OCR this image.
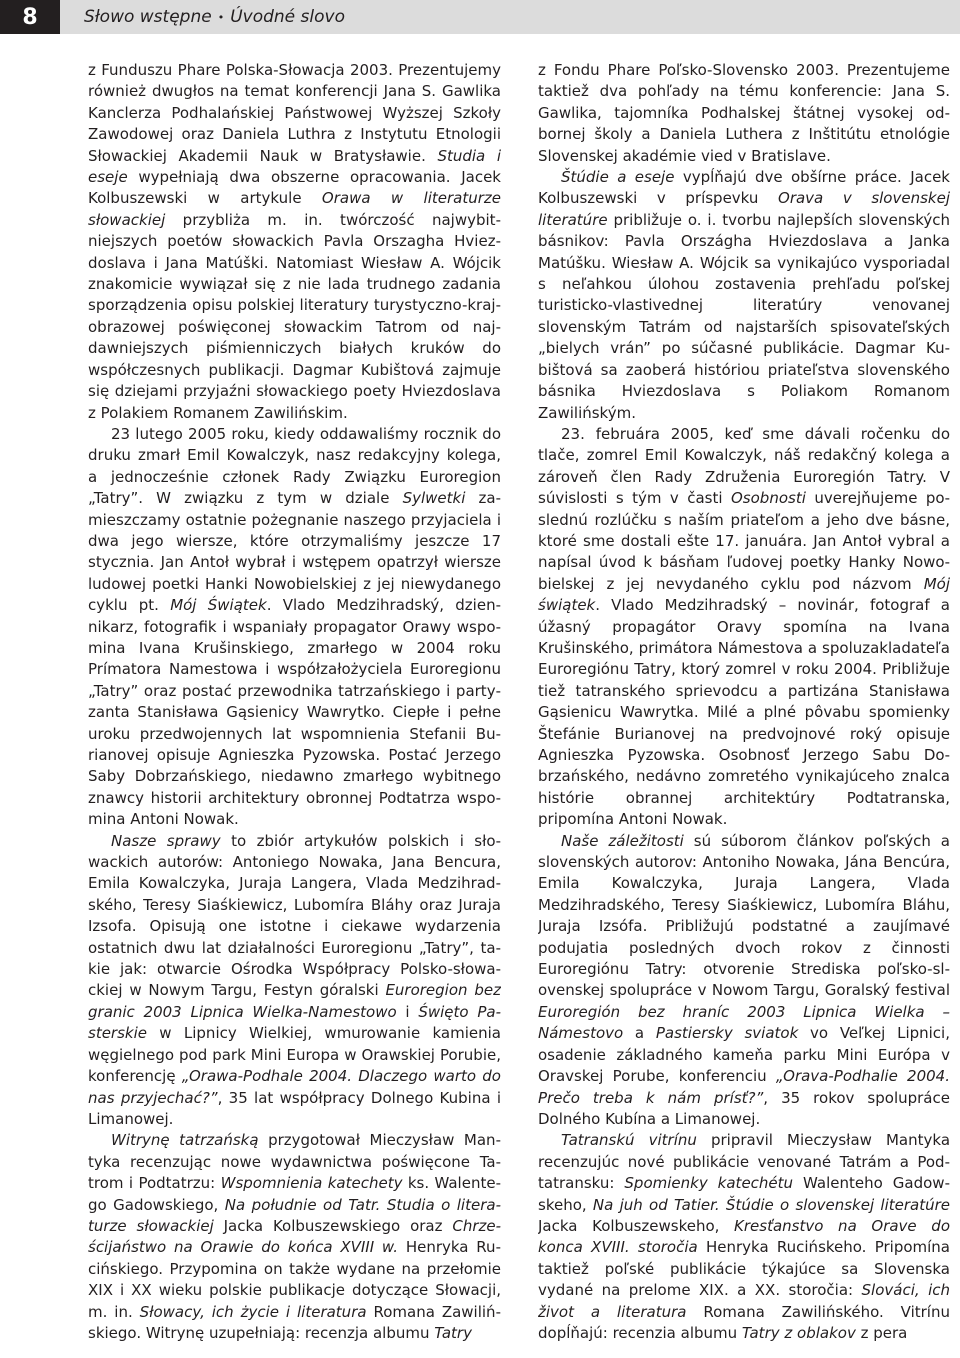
8	Słowo wstępne • Úvodné slovo

z Funduszu Phare Polska-Słowacja 2003. Prezentujemy również dwugłos na temat konferencji Jana S. Gawlika Kanclerza Podhalańskiej Państwowej Wyższej Szkoły Zawodowej oraz Daniela Luthra z Instytutu Etnologii Słowackiej Akademii Nauk w Bratysławie. Studia i eseje wypełniają dwa obszerne opracowania. Jacek Kolbuszewski w artykule Orawa w literaturze słowackiej przybliża m. in. twórczość najwybitniejszych poetów słowackich Pavla Orszagha Hviezdoslava i Jana Matúški. Natomiast Wiesław A. Wójcik znakomicie wywiązał się z nie lada trudnego zadania sporządzenia opisu polskiej literatury turystyczno-krajobrazowej poświęconej słowackim Tatrom od najdawniejszych piśmienniczych białych kruków do współczesnych publikacji. Dagmar Kubištová zajmuje się dziejami przyjaźni słowackiego poety Hviezdoslava z Polakiem Romanem Zawilińskim.

23 lutego 2005 roku, kiedy oddawaliśmy rocznik do druku zmarł Emil Kowalczyk, nasz redakcyjny kolega, a jednocześnie członek Rady Związku Euroregion „Tatry”. W związku z tym w dziale Sylwetki zamieszczamy ostatnie pożegnanie naszego przyjaciela i dwa jego wiersze, które otrzymaliśmy jeszcze 17 stycznia. Jan Antoł wybrał i wstępem opatrzył wiersze ludowej poetki Hanki Nowobielskiej z jej niewydanego cyklu pt. Mój Świątek. Vlado Medzihradský, dziennikarz, fotografik i wspaniały propagator Orawy wspomina Ivana Krušinskiego, zmarłego w 2004 roku Prímatora Namestowa i współzałożyciela Euroregionu „Tatry” oraz postać przewodnika tatrzańskiego i partyzanta Stanisława Gąsienicy Wawrytko. Ciepłe i pełne uroku przedwojennych lat wspomnienia Stefanii Burianovej opisuje Agnieszka Pyzowska. Postać Jerzego Saby Dobrzańskiego, niedawno zmarłego wybitnego znawcy historii architektury obronnej Podtatrza wspomina Antoni Nowak.

Nasze sprawy to zbiór artykułów polskich i słowackich autorów: Antoniego Nowaka, Jana Bencura, Emila Kowalczyka, Juraja Langera, Vlada Medzihradského, Teresy Siaśkiewicz, Lubomíra Bláhy oraz Juraja Izsofa. Opisują one istotne i ciekawe wydarzenia ostatnich dwu lat działalności Euroregionu „Tatry”, takie jak: otwarcie Ośrodka Współpracy Polsko-słowackiej w Nowym Targu, Festyn góralski Euroregion bez granic 2003 Lipnica Wielka-Namestowo i Święto Pasterskie w Lipnicy Wielkiej, wmurowanie kamienia węgielnego pod park Mini Europa w Orawskiej Porubie, konferencję „Orawa-Podhale 2004. Dlaczego warto do nas przyjechać?”, 35 lat współpracy Dolnego Kubina i Limanowej.

Witrynę tatrzańską przygotował Mieczysław Mantyka recenzując nowe wydawnictwa poświęcone Tatrom i Podtatrzu: Wspomnienia katechety ks. Walentego Gadowskiego, Na południe od Tatr. Studia o literaturze słowackiej Jacka Kolbuszewskiego oraz Chrześcijaństwo na Orawie do końca XVIII w. Henryka Rucińskiego. Przypomina on także wydane na przełomie XIX i XX wieku polskie publikacje dotyczące Słowacji, m. in. Słowacy, ich życie i literatura Romana Zawilińskiego. Witrynę uzupełniają: recenzja albumu Tatry

z Fondu Phare Poľsko-Slovensko 2003. Prezentujeme taktiež dva pohľady na tému konferencie: Jana S. Gawlika, tajomníka Podhalskej štátnej vysokej odbornej školy a Daniela Luthera z Inštitútu etnológie Slovenskej akadémie vied v Bratislave.

Štúdie a eseje vypĺňajú dve obšírne práce. Jacek Kolbuszewski v príspevku Orava v slovenskej literatúre približuje o. i. tvorbu najlepších slovenských básnikov: Pavla Országha Hviezdoslava a Janka Matúšku. Wiesław A. Wójcik sa vynikajúco vysporiadal s neľahkou úlohou zostavenia prehľadu poľskej turisticko-vlastivednej literatúry venovanej slovenským Tatrám od najstarších spisovateľských „bielych vrán” po súčasné publikácie. Dagmar Kubištová sa zaoberá históriou priateľstva slovenského básnika Hviezdoslava s Poliakom Romanom Zawilińským.

23. februára 2005, keď sme dávali ročenku do tlače, zomrel Emil Kowalczyk, náš redakčný kolega a zároveň člen Rady Združenia Euroregión Tatry. V súvislosti s tým v časti Osobnosti uverejňujeme poslednú rozlúčku s naším priateľom a jeho dve básne, ktoré sme dostali ešte 17. januára. Jan Antoł vybral a napísal úvod k básňam ľudovej poetky Hanky Nowobielskej z jej nevydaného cyklu pod názvom Mój świątek. Vlado Medzihradský – novinár, fotograf a úžasný propagátor Oravy spomína na Ivana Krušinského, primátora Námestova a spoluzakladateľa Euroregiónu Tatry, ktorý zomrel v roku 2004. Približuje tiež tatranského sprievodcu a partizána Stanisława Gąsienicu Wawrytka. Milé a plné pôvabu spomienky Štefánie Burianovej na predvojnové roký opisuje Agnieszka Pyzowska. Osobnosť Jerzego Sabu Dobrzańského, nedávno zomretého vynikajúceho znalca histórie obrannej architektúry Podtatranska, pripomína Antoni Nowak.

Naše záležitosti sú súborom článkov poľských a slovenských autorov: Antoniho Nowaka, Jána Bencúra, Emila Kowalczyka, Juraja Langera, Vlada Medzihradského, Teresy Siaśkiewicz, Lubomíra Bláhu, Juraja Izsófa. Približujú podstatné a zaujímavé podujatia posledných dvoch rokov z činnosti Euroregiónu Tatry: otvorenie Strediska poľsko-slovenskej spolupráce v Nowom Targu, Goralský festival Euroregión bez hraníc 2003 Lipnica Wielka – Námestovo a Pastiersky sviatok vo Veľkej Lipnici, osadenie základného kameňa parku Mini Európa v Oravskej Porube, konferenciu „Orava-Podhalie 2004. Prečo treba k nám prísť?”, 35 rokov spolupráce Dolného Kubína a Limanowej.

Tatranskú vitrínu pripravil Mieczysław Mantyka recenzujúc nové publikácie venované Tatrám a Podtatransku: Spomienky katechétu Walenteho Gadowskeho, Na juh od Tatier. Štúdie o slovenskej literatúre Jacka Kolbuszewskeho, Kresťanstvo na Orave do konca XVIII. storočia Henryka Rucińskeho. Pripomína taktiež poľské publikácie týkajúce sa Slovenska vydané na prelome XIX. a XX. storočia: Slováci, ich život a literatura Romana Zawilińského. Vitrínu dopĺňajú: recenzia albumu Tatry z oblakov z pera
